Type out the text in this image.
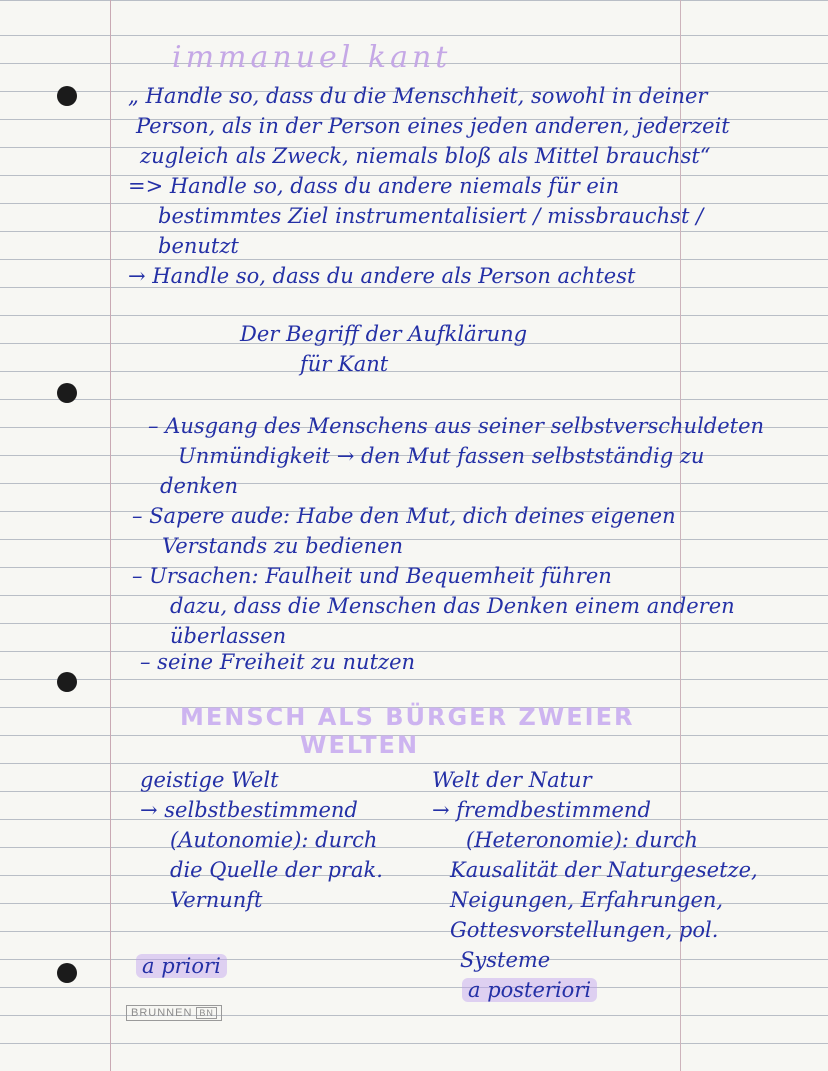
immanuel kant
„ Handle so, dass du die Menschheit, sowohl in deiner
Person, als in der Person eines jeden anderen, jederzeit
zugleich als Zweck, niemals bloß als Mittel brauchst“
=> Handle so, dass du andere niemals für ein
bestimmtes Ziel instrumentalisiert / missbrauchst /
benutzt
→ Handle so, dass du andere als Person achtest
Der Begriff der Aufklärung
für Kant
– Ausgang des Menschens aus seiner selbstverschuldeten
Unmündigkeit → den Mut fassen selbstständig zu
denken
– Sapere aude: Habe den Mut, dich deines eigenen
Verstands zu bedienen
– Ursachen: Faulheit und Bequemheit führen
dazu, dass die Menschen das Denken einem anderen
überlassen
– seine Freiheit zu nutzen
MENSCH ALS BÜRGER ZWEIER
WELTEN
geistige Welt
→ selbstbestimmend
(Autonomie): durch
die Quelle der prak.
Vernunft
a priori
Welt der Natur
→ fremdbestimmend
(Heteronomie): durch
Kausalität der Naturgesetze,
Neigungen, Erfahrungen,
Gottesvorstellungen, pol.
Systeme
a posteriori
BRUNNEN BN
